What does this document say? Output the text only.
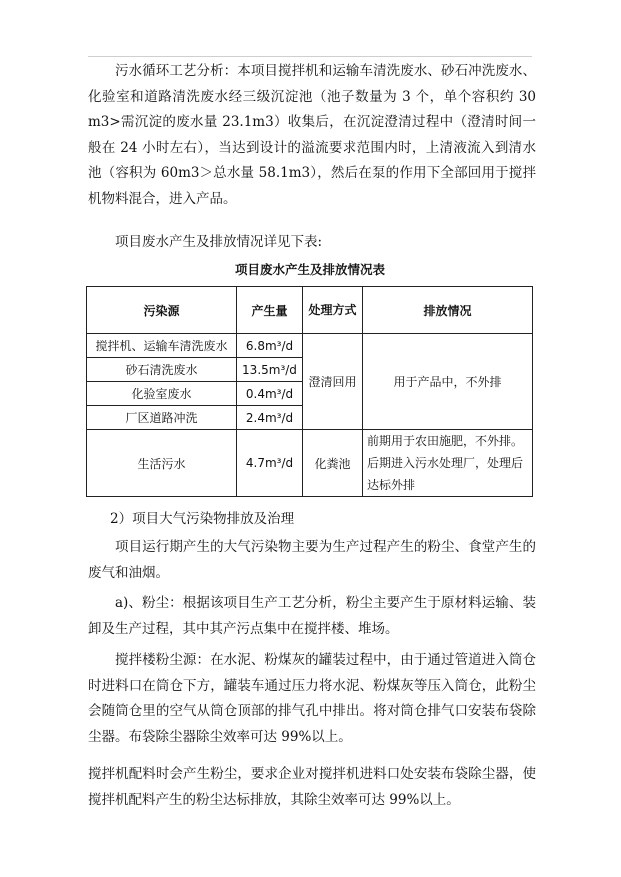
污水循环工艺分析：本项目搅拌机和运输车清洗废水、砂石冲洗废水、化验室和道路清洗废水经三级沉淀池（池子数量为 3 个，单个容积约 30　m3>需沉淀的废水量 23.1m3）收集后，在沉淀澄清过程中（澄清时间一般在 24 小时左右），当达到设计的溢流要求范围内时，上清液流入到清水池（容积为 60m3＞总水量 58.1m3），然后在泵的作用下全部回用于搅拌机物料混合，进入产品。
项目废水产生及排放情况详见下表:
项目废水产生及排放情况表
污染源	产生量	处理方式	排放情况
搅拌机、运输车清洗废水	6.8m³/d	澄清回用	用于产品中，不外排
砂石清洗废水	13.5m³/d		
化验室废水	0.4m³/d		
厂区道路冲洗	2.4m³/d		
生活污水	4.7m³/d	化粪池	前期用于农田施肥，不外排。后期进入污水处理厂，处理后达标外排
2）项目大气污染物排放及治理
项目运行期产生的大气污染物主要为生产过程产生的粉尘、食堂产生的废气和油烟。
a)、粉尘：根据该项目生产工艺分析，粉尘主要产生于原材料运输、装卸及生产过程，其中其产污点集中在搅拌楼、堆场。
搅拌楼粉尘源：在水泥、粉煤灰的罐装过程中，由于通过管道进入筒仓时进料口在筒仓下方，罐装车通过压力将水泥、粉煤灰等压入筒仓，此粉尘会随筒仓里的空气从筒仓顶部的排气孔中排出。将对筒仓排气口安装布袋除尘器。布袋除尘器除尘效率可达 99%以上。
搅拌机配料时会产生粉尘，要求企业对搅拌机进料口处安装布袋除尘器，使搅拌机配料产生的粉尘达标排放，其除尘效率可达 99%以上。
